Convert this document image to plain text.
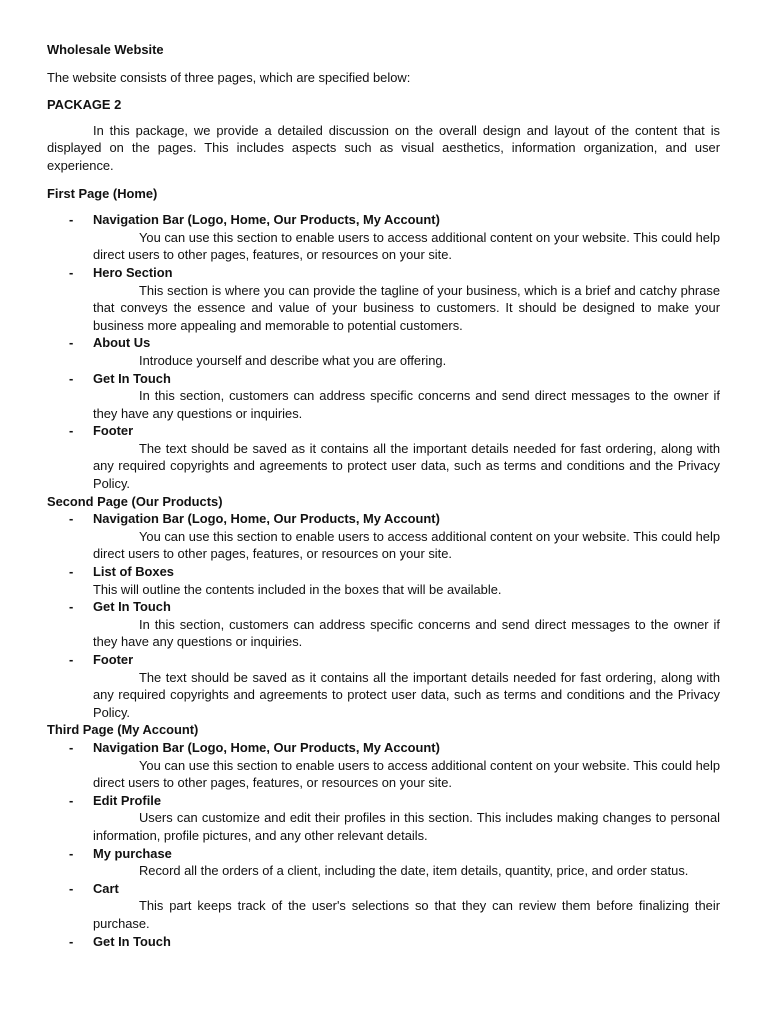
Wholesale Website
The website consists of three pages, which are specified below:
PACKAGE 2
In this package, we provide a detailed discussion on the overall design and layout of the content that is displayed on the pages. This includes aspects such as visual aesthetics, information organization, and user experience.
First Page (Home)
- Navigation Bar (Logo, Home, Our Products, My Account)
You can use this section to enable users to access additional content on your website. This could help direct users to other pages, features, or resources on your site.
- Hero Section
This section is where you can provide the tagline of your business, which is a brief and catchy phrase that conveys the essence and value of your business to customers. It should be designed to make your business more appealing and memorable to potential customers.
- About Us
Introduce yourself and describe what you are offering.
- Get In Touch
In this section, customers can address specific concerns and send direct messages to the owner if they have any questions or inquiries.
- Footer
The text should be saved as it contains all the important details needed for fast ordering, along with any required copyrights and agreements to protect user data, such as terms and conditions and the Privacy Policy.
Second Page (Our Products)
- Navigation Bar (Logo, Home, Our Products, My Account)
You can use this section to enable users to access additional content on your website. This could help direct users to other pages, features, or resources on your site.
- List of Boxes
This will outline the contents included in the boxes that will be available.
- Get In Touch
In this section, customers can address specific concerns and send direct messages to the owner if they have any questions or inquiries.
- Footer
The text should be saved as it contains all the important details needed for fast ordering, along with any required copyrights and agreements to protect user data, such as terms and conditions and the Privacy Policy.
Third Page (My Account)
- Navigation Bar (Logo, Home, Our Products, My Account)
You can use this section to enable users to access additional content on your website. This could help direct users to other pages, features, or resources on your site.
- Edit Profile
Users can customize and edit their profiles in this section. This includes making changes to personal information, profile pictures, and any other relevant details.
- My purchase
Record all the orders of a client, including the date, item details, quantity, price, and order status.
- Cart
This part keeps track of the user's selections so that they can review them before finalizing their purchase.
- Get In Touch
